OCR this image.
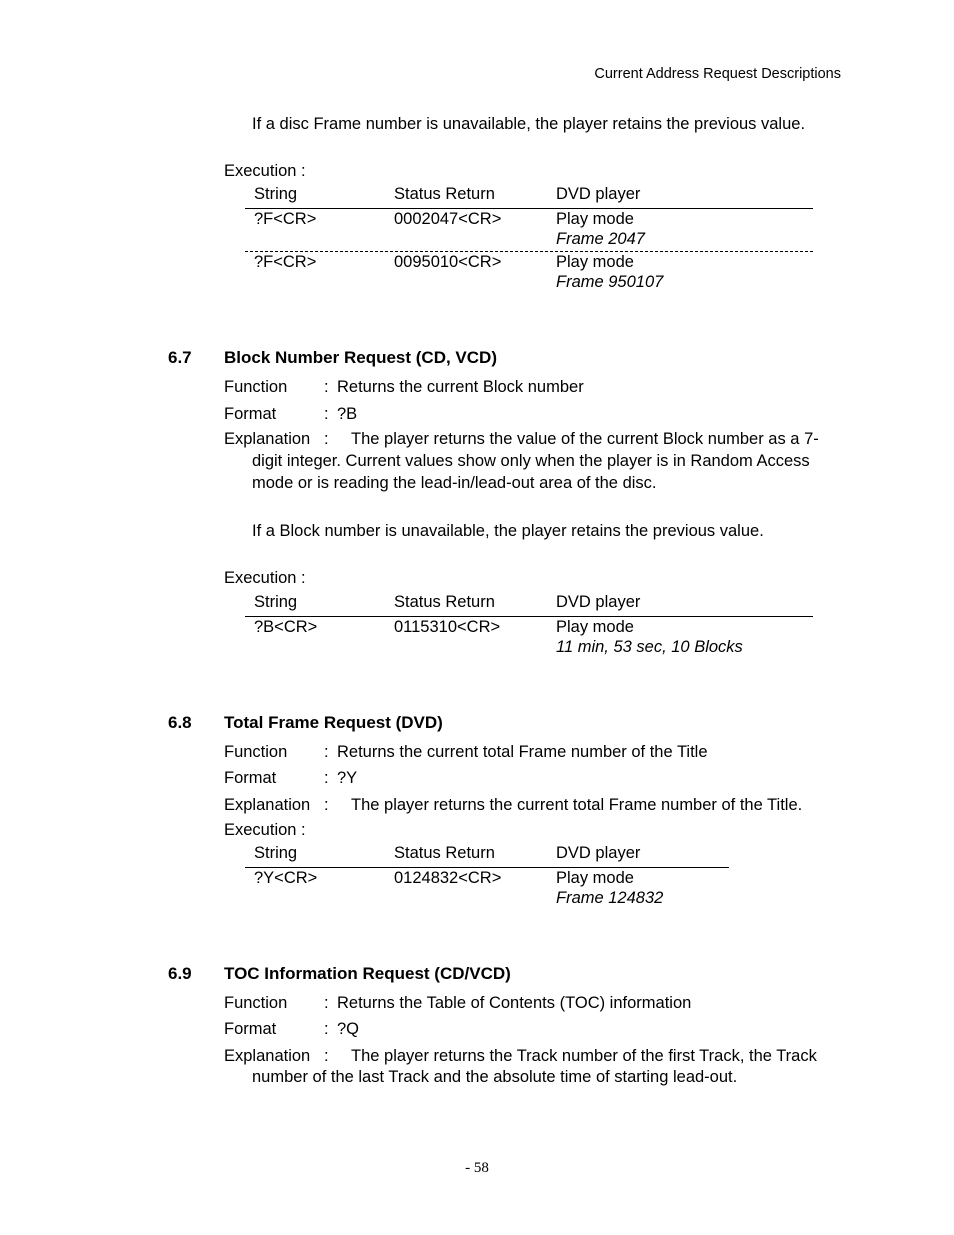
Current Address Request Descriptions
If a disc Frame number is unavailable, the player retains the previous value.
Execution :
String	Status Return	DVD player
?F<CR>	0002047<CR>	Play mode
Frame 2047
?F<CR>	0095010<CR>	Play mode
Frame 950107
6.7 Block Number Request (CD, VCD)
Function : Returns the current Block number
Format	: ?B
Explanation : The player returns the value of the current Block number as a 7-
digit integer. Current values show only when the player is in Random Access mode or is reading the lead-in/lead-out area of the disc.
If a Block number is unavailable, the player retains the previous value.
Execution :
String	Status Return	DVD player
?B<CR>	0115310<CR>	Play mode
11 min, 53 sec, 10 Blocks
6.8 Total Frame Request (DVD)
Function : Returns the current total Frame number of the Title
Format	: ?Y
Explanation : The player returns the current total Frame number of the Title.
Execution :
String	Status Return	DVD player
?Y<CR>	0124832<CR>	Play mode
Frame 124832
6.9 TOC Information Request (CD/VCD)
Function : Returns the Table of Contents (TOC) information
Format	: ?Q
Explanation : The player returns the Track number of the first Track, the Track
number of the last Track and the absolute time of starting lead-out.
- 58
